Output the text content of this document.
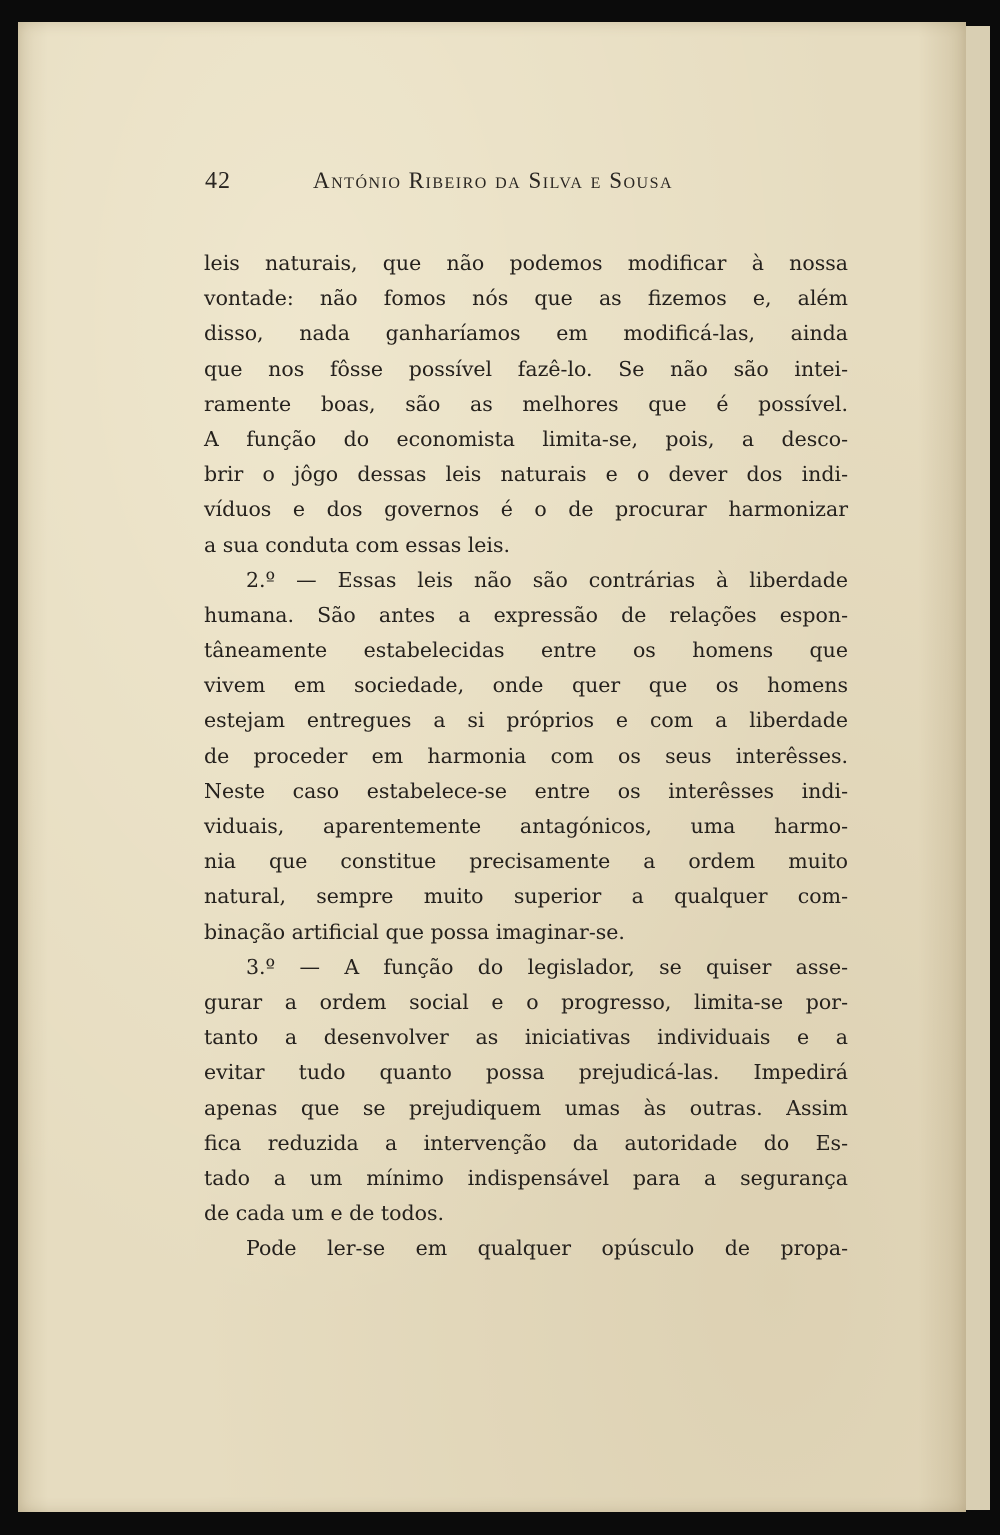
42	António Ribeiro da Silva e Sousa
leis naturais, que não podemos modificar à nossa
vontade: não fomos nós que as fizemos e, além
disso, nada ganharíamos em modificá-las, ainda
que nos fôsse possível fazê-lo. Se não são intei-
ramente boas, são as melhores que é possível.
A função do economista limita-se, pois, a desco-
brir o jôgo dessas leis naturais e o dever dos indi-
víduos e dos governos é o de procurar harmonizar
a sua conduta com essas leis.
2.º — Essas leis não são contrárias à liberdade
humana. São antes a expressão de relações espon-
tâneamente estabelecidas entre os homens que
vivem em sociedade, onde quer que os homens
estejam entregues a si próprios e com a liberdade
de proceder em harmonia com os seus interêsses.
Neste caso estabelece-se entre os interêsses indi-
viduais, aparentemente antagónicos, uma harmo-
nia que constitue precisamente a ordem muito
natural, sempre muito superior a qualquer com-
binação artificial que possa imaginar-se.
3.º — A função do legislador, se quiser asse-
gurar a ordem social e o progresso, limita-se por-
tanto a desenvolver as iniciativas individuais e a
evitar tudo quanto possa prejudicá-las. Impedirá
apenas que se prejudiquem umas às outras. Assim
fica reduzida a intervenção da autoridade do Es-
tado a um mínimo indispensável para a segurança
de cada um e de todos.
Pode ler-se em qualquer opúsculo de propa-
